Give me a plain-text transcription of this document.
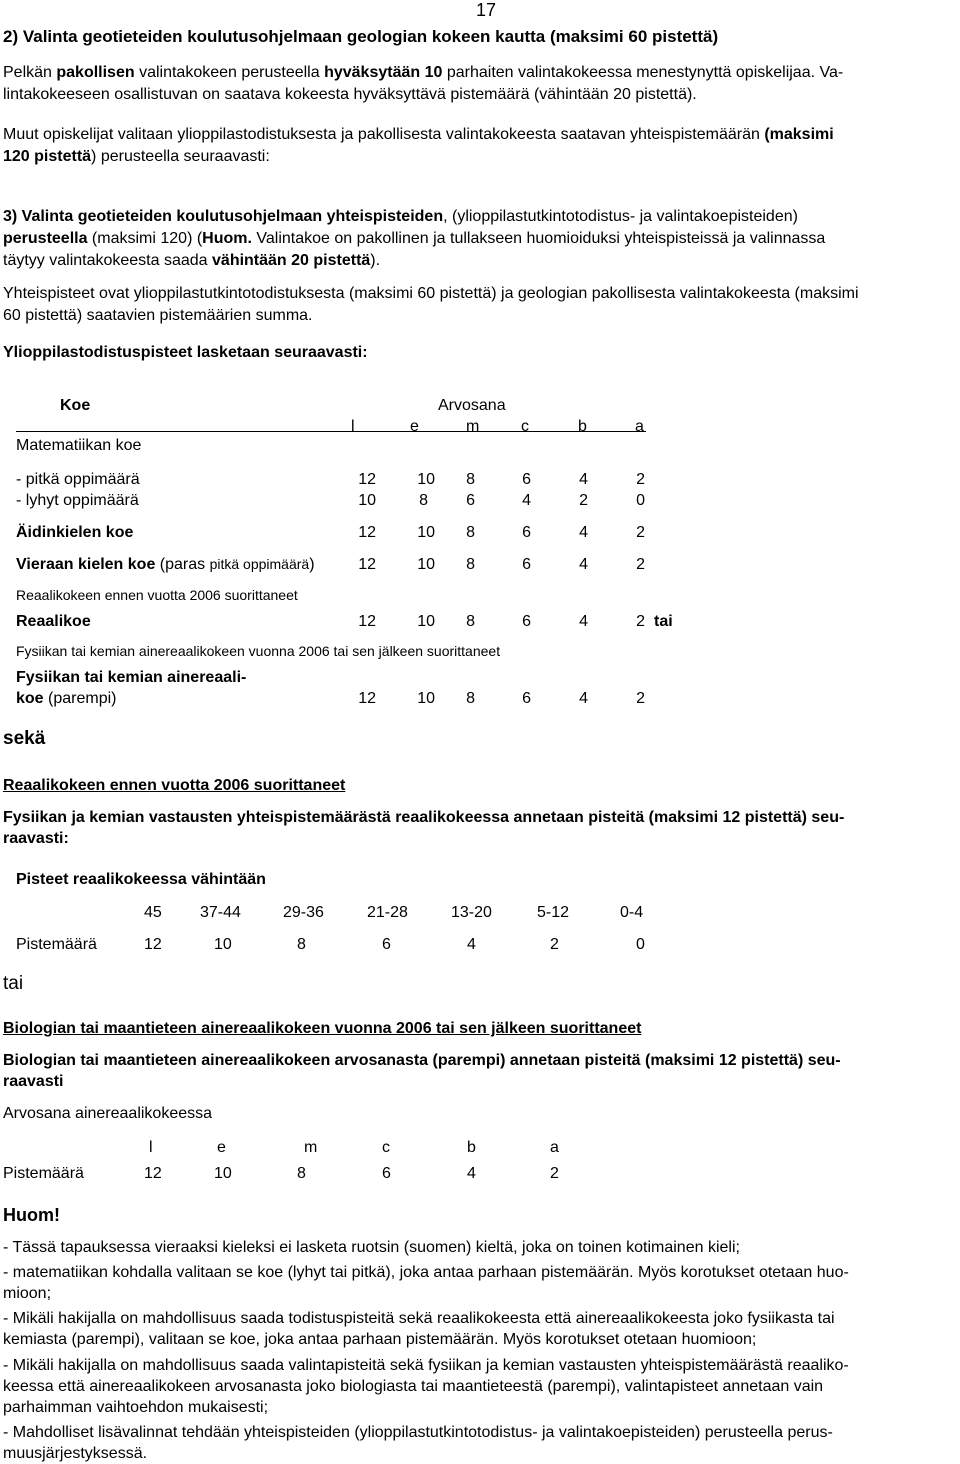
17
2) Valinta geotieteiden koulutusohjelmaan geologian kokeen kautta (maksimi 60 pistettä)
Pelkän pakollisen valintakokeen perusteella hyväksytään 10 parhaiten valintakokeessa menestynyttä opiskelijaa. Va-
lintakokeeseen osallistuvan on saatava kokeesta hyväksyttävä pistemäärä (vähintään 20 pistettä).
Muut opiskelijat valitaan ylioppilastodistuksesta ja pakollisesta valintakokeesta saatavan yhteispistemäärän (maksimi
120 pistettä) perusteella seuraavasti:
3) Valinta geotieteiden koulutusohjelmaan yhteispisteiden, (ylioppilastutkintotodistus- ja valintakoepisteiden)
perusteella (maksimi 120) (Huom. Valintakoe on pakollinen ja tullakseen huomioiduksi yhteispisteissä ja valinnassa
täytyy valintakokeesta saada vähintään 20 pistettä).
Yhteispisteet ovat ylioppilastutkintotodistuksesta (maksimi 60 pistettä) ja geologian pakollisesta valintakokeesta (maksimi
60 pistettä) saatavien pistemäärien summa.
Ylioppilastodistuspisteet lasketaan seuraavasti:
Koe	Arvosana
l	e	m	c	b	a
Matematiikan koe
- pitkä oppimäärä	12	10	8	6	4	2
- lyhyt oppimäärä	10	8	6	4	2	0
Äidinkielen koe	12	10	8	6	4	2
Vieraan kielen koe (paras pitkä oppimäärä)	12	10	8	6	4	2
Reaalikokeen ennen vuotta 2006 suorittaneet
Reaalikoe	12	10	8	6	4	2 tai
Fysiikan tai kemian ainereaalikokeen vuonna 2006 tai sen jälkeen suorittaneet
Fysiikan tai kemian ainereaali-
koe (parempi)	12	10	8	6	4	2
sekä
Reaalikokeen ennen vuotta 2006 suorittaneet
Fysiikan ja kemian vastausten yhteispistemäärästä reaalikokeessa annetaan pisteitä (maksimi 12 pistettä) seu-
raavasti:
Pisteet reaalikokeessa vähintään
45 37-44	29-36	21-28	13-20	5-12	0-4
Pistemäärä	12	10	8	6	4	2	0
tai
Biologian tai maantieteen ainereaalikokeen vuonna 2006 tai sen jälkeen suorittaneet
Biologian tai maantieteen ainereaalikokeen arvosanasta (parempi) annetaan pisteitä (maksimi 12 pistettä) seu-
raavasti
Arvosana ainereaalikokeessa
l	e	m	c	b	a
Pistemäärä	12	10	8	6	4	2
Huom!
- Tässä tapauksessa vieraaksi kieleksi ei lasketa ruotsin (suomen) kieltä, joka on toinen kotimainen kieli;
- matematiikan kohdalla valitaan se koe (lyhyt tai pitkä), joka antaa parhaan pistemäärän. Myös korotukset otetaan huo-
mioon;
- Mikäli hakijalla on mahdollisuus saada todistuspisteitä sekä reaalikokeesta että ainereaalikokeesta joko fysiikasta tai
kemiasta (parempi), valitaan se koe, joka antaa parhaan pistemäärän. Myös korotukset otetaan huomioon;
- Mikäli hakijalla on mahdollisuus saada valintapisteitä sekä fysiikan ja kemian vastausten yhteispistemäärästä reaaliko-
keessa että ainereaalikokeen arvosanasta joko biologiasta tai maantieteestä (parempi), valintapisteet annetaan vain
parhaimman vaihtoehdon mukaisesti;
- Mahdolliset lisävalinnat tehdään yhteispisteiden (ylioppilastutkintotodistus- ja valintakoepisteiden) perusteella perus-
muusjärjestyksessä.
